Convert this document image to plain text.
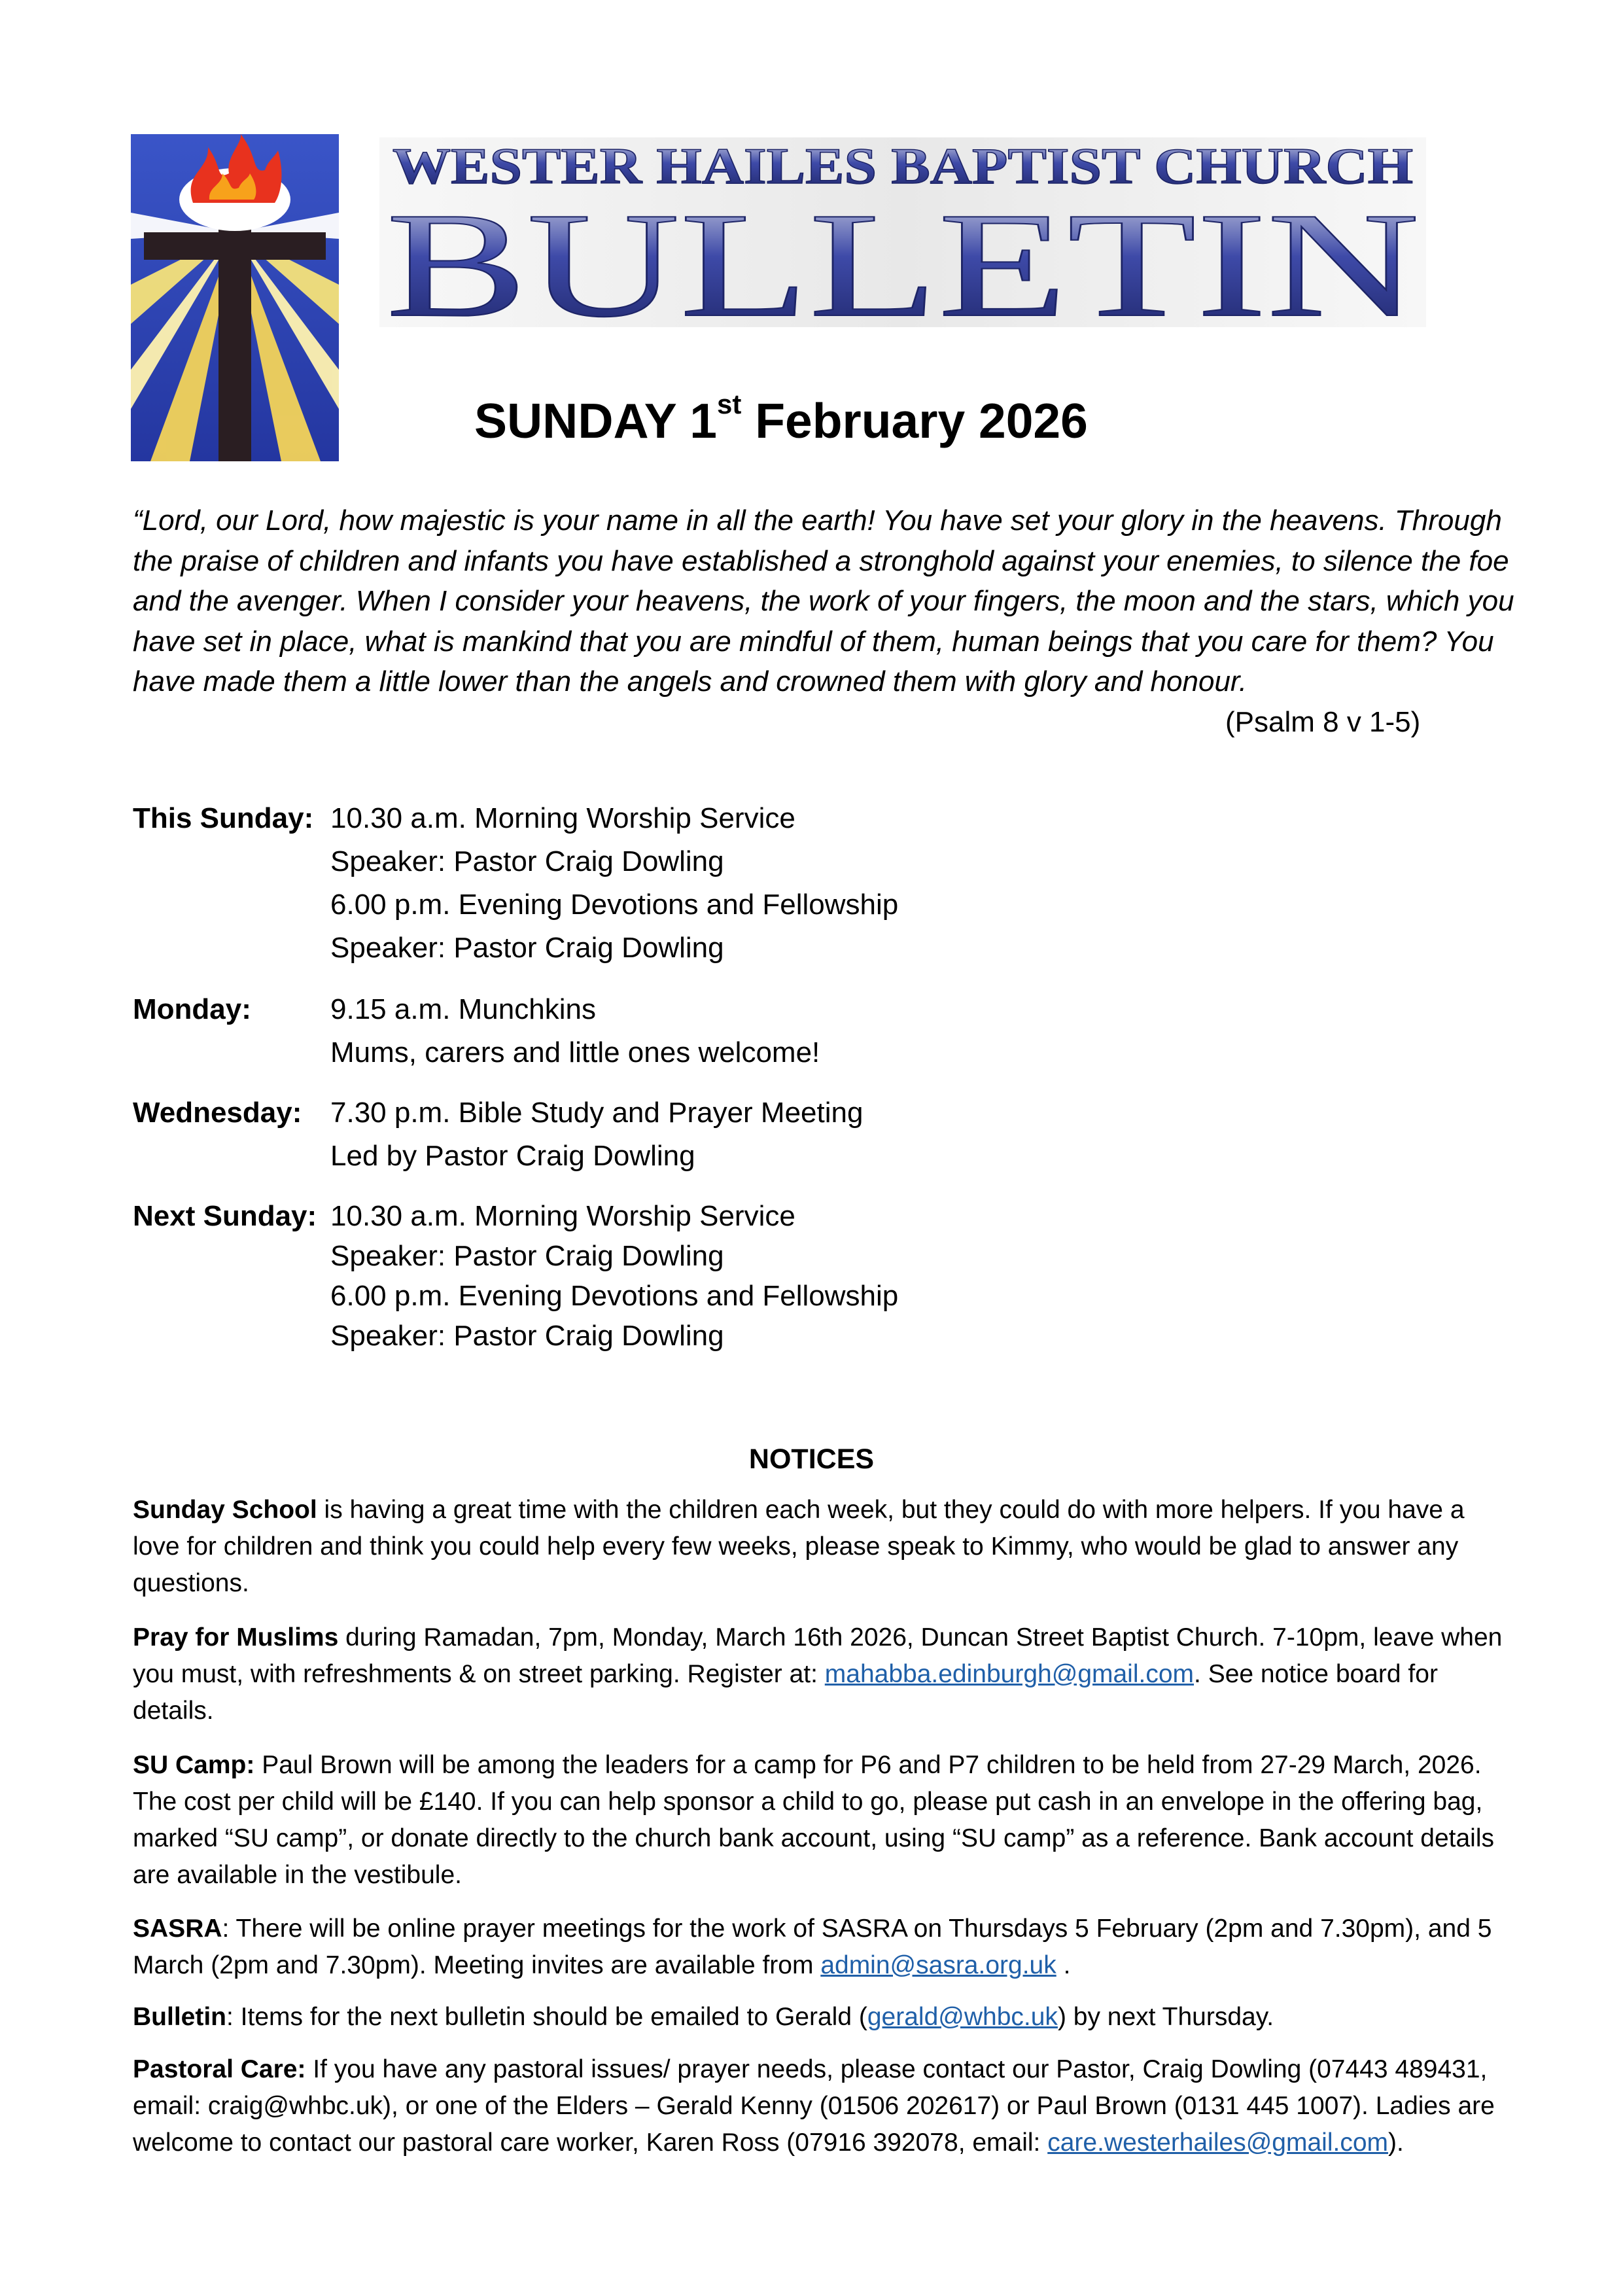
WESTER HAILES BAPTIST CHURCH
BULLETIN
SUNDAY 1st February 2026
“Lord, our Lord, how majestic is your name in all the earth! You have set your glory in the heavens. Through the praise of children and infants you have established a stronghold against your enemies, to silence the foe and the avenger. When I consider your heavens, the work of your fingers, the moon and the stars, which you have set in place, what is mankind that you are mindful of them, human beings that you care for them? You have made them a little lower than the angels and crowned them with glory and honour.
(Psalm 8 v 1-5)
This Sunday: 10.30 a.m. Morning Worship Service
Speaker: Pastor Craig Dowling
6.00 p.m. Evening Devotions and Fellowship
Speaker: Pastor Craig Dowling
Monday:	9.15 a.m. Munchkins
Mums, carers and little ones welcome!
Wednesday: 7.30 p.m. Bible Study and Prayer Meeting
Led by Pastor Craig Dowling
Next Sunday: 10.30 a.m. Morning Worship Service
Speaker: Pastor Craig Dowling
6.00 p.m. Evening Devotions and Fellowship
Speaker: Pastor Craig Dowling
NOTICES
Sunday School is having a great time with the children each week, but they could do with more helpers. If you have a love for children and think you could help every few weeks, please speak to Kimmy, who would be glad to answer any questions.
Pray for Muslims during Ramadan, 7pm, Monday, March 16th 2026, Duncan Street Baptist Church. 7-10pm, leave when you must, with refreshments & on street parking. Register at: mahabba.edinburgh@gmail.com. See notice board for details.
SU Camp: Paul Brown will be among the leaders for a camp for P6 and P7 children to be held from 27-29 March, 2026. The cost per child will be £140. If you can help sponsor a child to go, please put cash in an envelope in the offering bag, marked “SU camp”, or donate directly to the church bank account, using “SU camp” as a reference. Bank account details are available in the vestibule.
SASRA: There will be online prayer meetings for the work of SASRA on Thursdays 5 February (2pm and 7.30pm), and 5 March (2pm and 7.30pm). Meeting invites are available from admin@sasra.org.uk .
Bulletin: Items for the next bulletin should be emailed to Gerald (gerald@whbc.uk) by next Thursday.
Pastoral Care: If you have any pastoral issues/ prayer needs, please contact our Pastor, Craig Dowling (07443 489431, email: craig@whbc.uk), or one of the Elders – Gerald Kenny (01506 202617) or Paul Brown (0131 445 1007). Ladies are welcome to contact our pastoral care worker, Karen Ross (07916 392078, email: care.westerhailes@gmail.com).
